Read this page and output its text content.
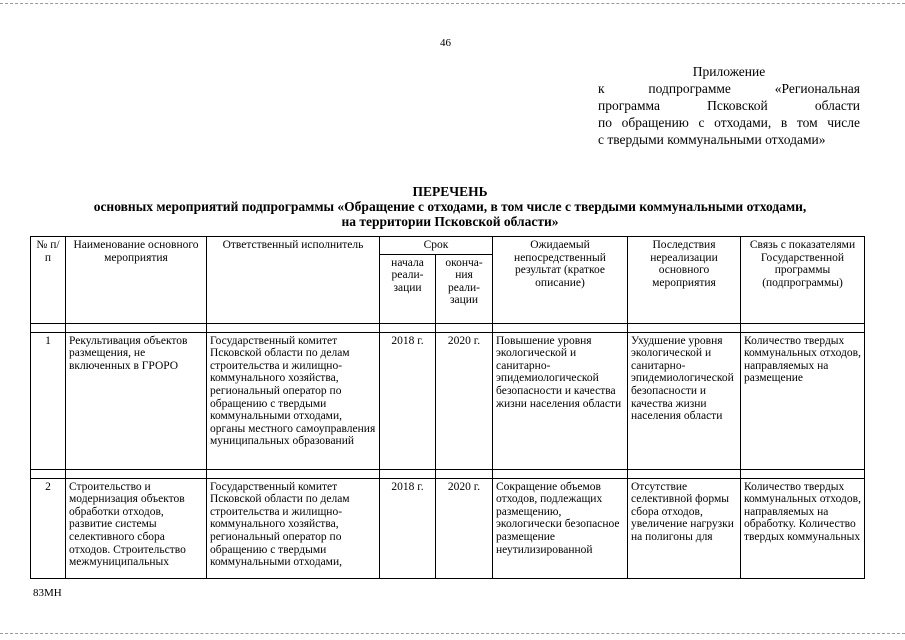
46
Приложение
к подпрограмме «Региональная
программа Псковской области
по обращению с отходами, в том числе
с твердыми коммунальными отходами»
ПЕРЕЧЕНЬ
основных мероприятий подпрограммы «Обращение с отходами, в том числе с твердыми коммунальными отходами,
на территории Псковской области»
№ п/п	Наименование основного мероприятия	Ответственный исполнитель	Срок		Ожидаемый непосредственный результат (краткое описание)	Последствия нереализации основного мероприятия	Связь с показателями Государственной программы (подпрограммы)
			начала реали- зации	оконча- ния реали- зации			

1	Рекультивация объектов размещения, не включенных в ГРОРО	Государственный комитет Псковской области по делам строительства и жилищно-коммунального хозяйства, региональный оператор по обращению с твердыми коммунальными отходами, органы местного самоуправления муниципальных образований	2018 г.	2020 г.	Повышение уровня экологической и санитарно-эпидемиологической безопасности и качества жизни населения области	Ухудшение уровня экологической и санитарно-эпидемиологической безопасности и качества жизни населения области	Количество твердых коммунальных отходов, направляемых на размещение

2	Строительство и модернизация объектов обработки отходов, развитие системы селективного сбора отходов. Строительство межмуниципальных	Государственный комитет Псковской области по делам строительства и жилищно-коммунального хозяйства, региональный оператор по обращению с твердыми коммунальными отходами,	2018 г.	2020 г.	Сокращение объемов отходов, подлежащих размещению, экологически безопасное размещение неутилизированной	Отсутствие селективной формы сбора отходов, увеличение нагрузки на полигоны для	Количество твердых коммунальных отходов, направляемых на обработку. Количество твердых коммунальных
83МН
